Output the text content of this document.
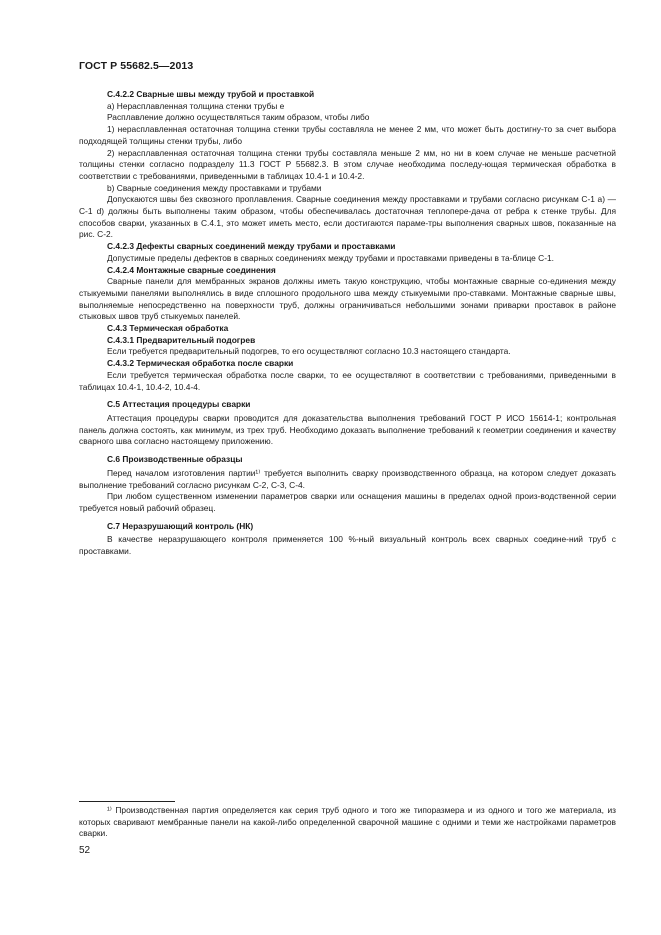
ГОСТ Р 55682.5—2013

С.4.2.2 Сварные швы между трубой и проставкой

а) Нерасплавленная толщина стенки трубы e

Расплавление должно осуществляться таким образом, чтобы либо

1) нерасплавленная остаточная толщина стенки трубы составляла не менее 2 мм, что может быть достигну-то за счет выбора подходящей толщины стенки трубы, либо

2) нерасплавленная остаточная толщина стенки трубы составляла меньше 2 мм, но ни в коем случае не меньше расчетной толщины стенки согласно подразделу 11.3 ГОСТ Р 55682.3. В этом случае необходима последу-ющая термическая обработка в соответствии с требованиями, приведенными в таблицах 10.4-1 и 10.4-2.

b) Сварные соединения между проставками и трубами

Допускаются швы без сквозного проплавления. Сварные соединения между проставками и трубами согласно рисункам С-1 а) — С-1 d) должны быть выполнены таким образом, чтобы обеспечивалась достаточная теплопере-дача от ребра к стенке трубы. Для способов сварки, указанных в С.4.1, это может иметь место, если достигаются параме-тры выполнения сварных швов, показанные на рис. С-2.

С.4.2.3 Дефекты сварных соединений между трубами и проставками

Допустимые пределы дефектов в сварных соединениях между трубами и проставками приведены в та-блице С-1.

С.4.2.4 Монтажные сварные соединения

Сварные панели для мембранных экранов должны иметь такую конструкцию, чтобы монтажные сварные со-единения между стыкуемыми панелями выполнялись в виде сплошного продольного шва между стыкуемыми про-ставками. Монтажные сварные швы, выполняемые непосредственно на поверхности труб, должны ограничиваться небольшими зонами приварки проставок в районе стыковых швов труб стыкуемых панелей.

С.4.3 Термическая обработка

С.4.3.1 Предварительный подогрев

Если требуется предварительный подогрев, то его осуществляют согласно 10.3 настоящего стандарта.

С.4.3.2 Термическая обработка после сварки

Если требуется термическая обработка после сварки, то ее осуществляют в соответствии с требованиями, приведенными в таблицах 10.4-1, 10.4-2, 10.4-4.

С.5 Аттестация процедуры сварки

Аттестация процедуры сварки проводится для доказательства выполнения требований ГОСТ Р ИСО 15614-1; контрольная панель должна состоять, как минимум, из трех труб. Необходимо доказать выполнение требований к геометрии соединения и качеству сварного шва согласно настоящему приложению.

С.6 Производственные образцы

Перед началом изготовления партии¹⁾ требуется выполнить сварку производственного образца, на котором следует доказать выполнение требований согласно рисункам С-2, С-3, С-4.

При любом существенном изменении параметров сварки или оснащения машины в пределах одной произ-водственной серии требуется новый рабочий образец.

С.7 Неразрушающий контроль (НК)

В качестве неразрушающего контроля применяется 100 %-ный визуальный контроль всех сварных соедине-ний труб с проставками.

¹⁾ Производственная партия определяется как серия труб одного и того же типоразмера и из одного и того же материала, из которых сваривают мембранные панели на какой-либо определенной сварочной машине с одними и теми же настройками параметров сварки.

52
